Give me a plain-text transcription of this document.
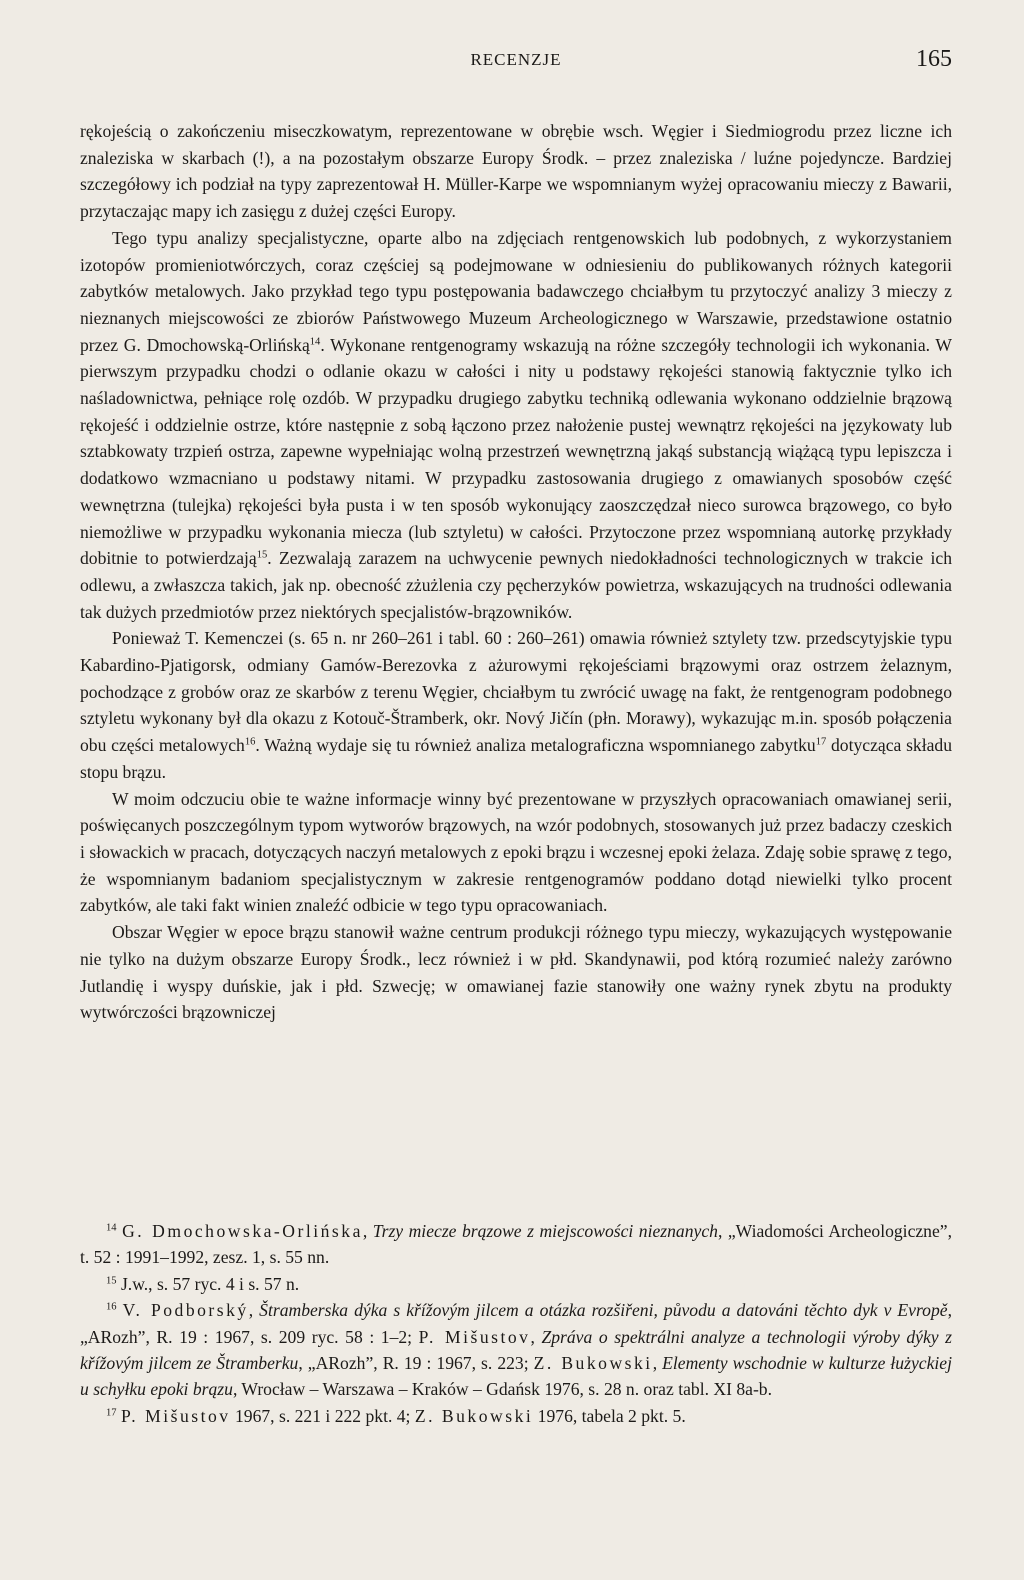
RECENZJE	165

rękojeścią o zakończeniu miseczkowatym, reprezentowane w obrębie wsch. Węgier i Siedmiogrodu przez liczne ich znaleziska w skarbach (!), a na pozostałym obszarze Europy Środk. – przez znaleziska / luźne pojedyncze. Bardziej szczegółowy ich podział na typy zaprezentował H. Müller-Karpe we wspomnianym wyżej opracowaniu mieczy z Bawarii, przytaczając mapy ich zasięgu z dużej części Europy.

Tego typu analizy specjalistyczne, oparte albo na zdjęciach rentgenowskich lub podobnych, z wykorzystaniem izotopów promieniotwórczych, coraz częściej są podejmowane w odniesieniu do publikowanych różnych kategorii zabytków metalowych. Jako przykład tego typu postępowania badawczego chciałbym tu przytoczyć analizy 3 mieczy z nieznanych miejscowości ze zbiorów Państwowego Muzeum Archeologicznego w Warszawie, przedstawione ostatnio przez G. Dmochowską-Orlińską$^{14}$. Wykonane rentgenogramy wskazują na różne szczegóły technologii ich wykonania. W pierwszym przypadku chodzi o odlanie okazu w całości i nity u podstawy rękojeści stanowią faktycznie tylko ich naśladownictwa, pełniące rolę ozdób. W przypadku drugiego zabytku techniką odlewania wykonano oddzielnie brązową rękojeść i oddzielnie ostrze, które następnie z sobą łączono przez nałożenie pustej wewnątrz rękojeści na językowaty lub sztabkowaty trzpień ostrza, zapewne wypełniając wolną przestrzeń wewnętrzną jakąś substancją wiążącą typu lepiszcza i dodatkowo wzmacniano u podstawy nitami. W przypadku zastosowania drugiego z omawianych sposobów część wewnętrzna (tulejka) rękojeści była pusta i w ten sposób wykonujący zaoszczędzał nieco surowca brązowego, co było niemożliwe w przypadku wykonania miecza (lub sztyletu) w całości. Przytoczone przez wspomnianą autorkę przykłady dobitnie to potwierdzają$^{15}$. Zezwalają zarazem na uchwycenie pewnych niedokładności technologicznych w trakcie ich odlewu, a zwłaszcza takich, jak np. obecność zżużlenia czy pęcherzyków powietrza, wskazujących na trudności odlewania tak dużych przedmiotów przez niektórych specjalistów-brązowników.

Ponieważ T. Kemenczei (s. 65 n. nr 260–261 i tabl. 60 : 260–261) omawia również sztylety tzw. przedscytyjskie typu Kabardino-Pjatigorsk, odmiany Gamów-Berezovka z ażurowymi rękojeściami brązowymi oraz ostrzem żelaznym, pochodzące z grobów oraz ze skarbów z terenu Węgier, chciałbym tu zwrócić uwagę na fakt, że rentgenogram podobnego sztyletu wykonany był dla okazu z Kotouč-Štramberk, okr. Nový Jičín (płn. Morawy), wykazując m.in. sposób połączenia obu części metalowych$^{16}$. Ważną wydaje się tu również analiza metalograficzna wspomnianego zabytku$^{17}$ dotycząca składu stopu brązu.

W moim odczuciu obie te ważne informacje winny być prezentowane w przyszłych opracowaniach omawianej serii, poświęcanych poszczególnym typom wytworów brązowych, na wzór podobnych, stosowanych już przez badaczy czeskich i słowackich w pracach, dotyczących naczyń metalowych z epoki brązu i wczesnej epoki żelaza. Zdaję sobie sprawę z tego, że wspomnianym badaniom specjalistycznym w zakresie rentgenogramów poddano dotąd niewielki tylko procent zabytków, ale taki fakt winien znaleźć odbicie w tego typu opracowaniach.

Obszar Węgier w epoce brązu stanowił ważne centrum produkcji różnego typu mieczy, wykazujących występowanie nie tylko na dużym obszarze Europy Środk., lecz również i w płd. Skandynawii, pod którą rozumieć należy zarówno Jutlandię i wyspy duńskie, jak i płd. Szwecję; w omawianej fazie stanowiły one ważny rynek zbytu na produkty wytwórczości brązowniczej

$^{14}$ G. Dmochowska-Orlińska, Trzy miecze brązowe z miejscowości nieznanych, „Wiadomości Archeologiczne”, t. 52 : 1991–1992, zesz. 1, s. 55 nn.

$^{15}$ J.w., s. 57 ryc. 4 i s. 57 n.

$^{16}$ V. Podborský, Štramberska dýka s křížovým jilcem a otázka rozšiřeni, původu a datováni těchto dyk v Evropě, „ARozh”, R. 19 : 1967, s. 209 ryc. 58 : 1–2; P. Mišustov, Zpráva o spektrálni analyze a technologii výroby dýky z křížovým jilcem ze Štramberku, „ARozh”, R. 19 : 1967, s. 223; Z. Bukowski, Elementy wschodnie w kulturze łużyckiej u schyłku epoki brązu, Wrocław – Warszawa – Kraków – Gdańsk 1976, s. 28 n. oraz tabl. XI 8a-b.

$^{17}$ P. Mišustov 1967, s. 221 i 222 pkt. 4; Z. Bukowski 1976, tabela 2 pkt. 5.
